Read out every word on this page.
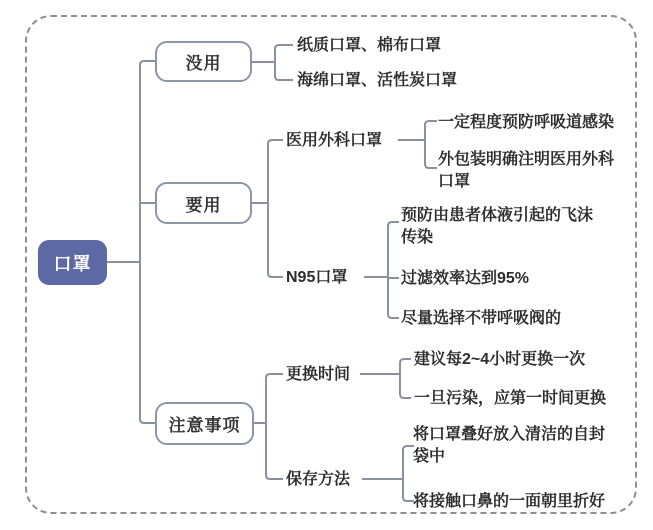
口罩
没用
要用
注意事项
纸质口罩、棉布口罩
海绵口罩、活性炭口罩
医用外科口罩
一定程度预防呼吸道感染
外包装明确注明医用外科口罩
N95口罩
预防由患者体液引起的飞沫传染
过滤效率达到95%
尽量选择不带呼吸阀的
更换时间
建议每2~4小时更换一次
一旦污染，应第一时间更换
保存方法
将口罩叠好放入清洁的自封袋中
将接触口鼻的一面朝里折好
